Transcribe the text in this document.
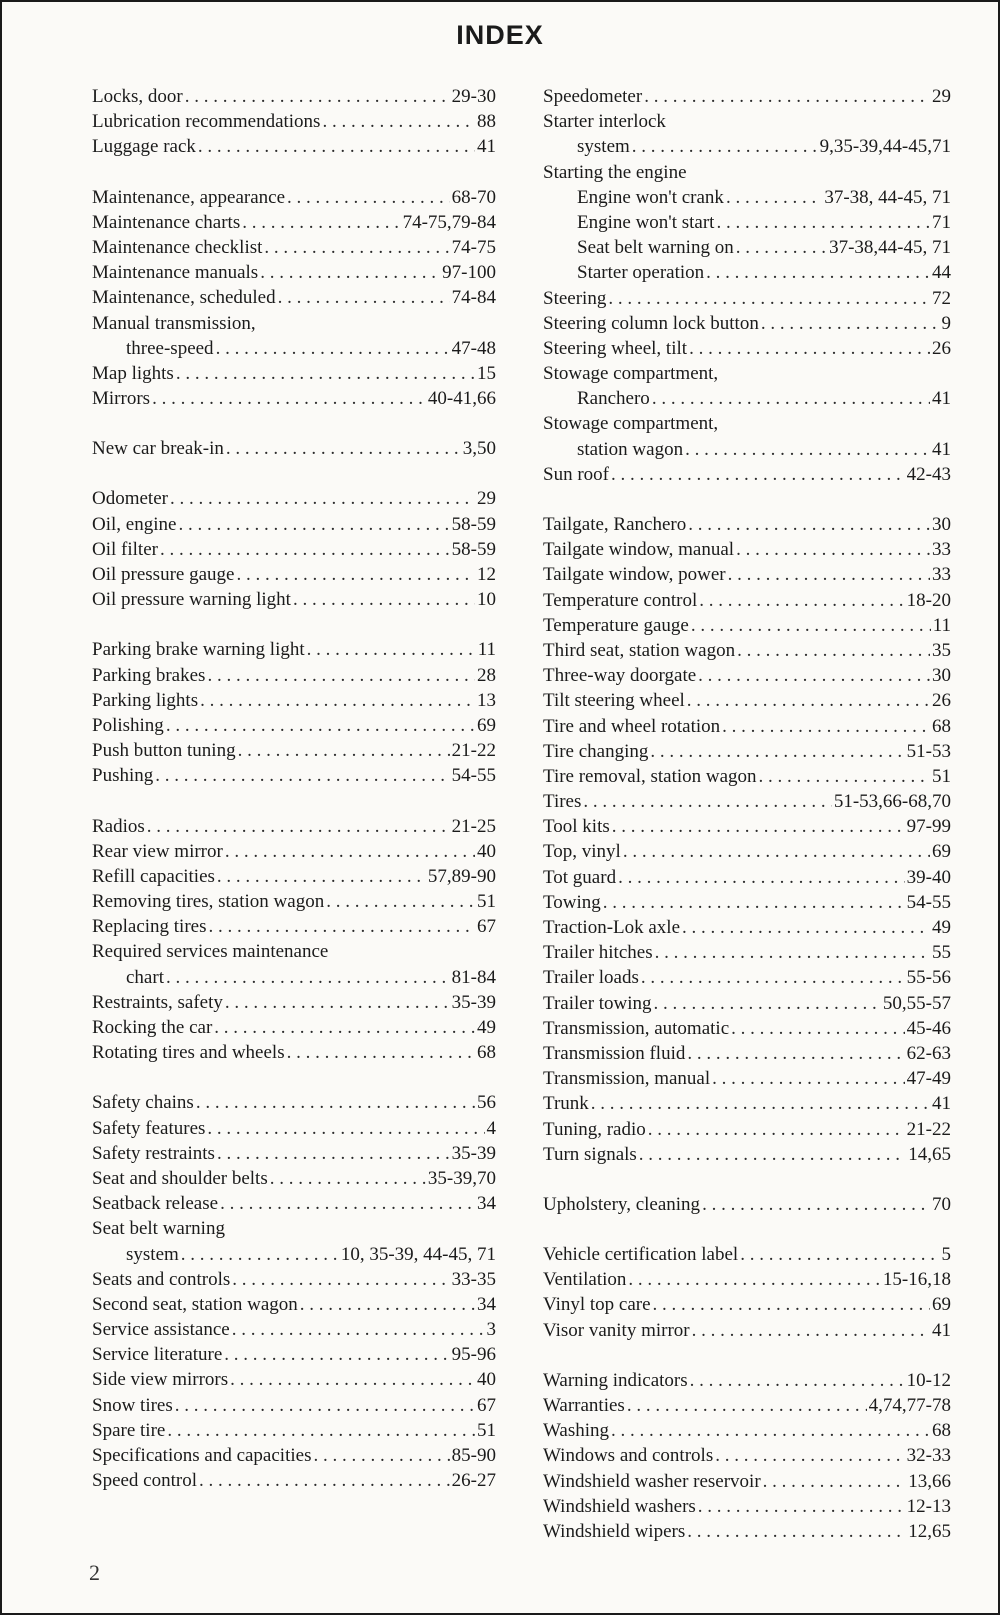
INDEX
Locks, door . . .	29-30
Lubrication recommendations . . .	88
Luggage rack . . .	41
Maintenance, appearance . . .	68-70
Maintenance charts . . .	74-75,79-84
Maintenance checklist . . .	74-75
Maintenance manuals . . .	97-100
Maintenance, scheduled . . .	74-84
Manual transmission,
three-speed . . .	47-48
Map lights . . .	15
Mirrors . . .	40-41,66
New car break-in . . .	3,50
Odometer . . .	29
Oil, engine . . .	58-59
Oil filter . . .	58-59
Oil pressure gauge . . .	12
Oil pressure warning light . . .	10
Parking brake warning light . . .	11
Parking brakes . . .	28
Parking lights . . .	13
Polishing . . .	69
Push button tuning . . .	21-22
Pushing . . .	54-55
Radios . . .	21-25
Rear view mirror . . .	40
Refill capacities . . .	57,89-90
Removing tires, station wagon . . .	51
Replacing tires . . .	67
Required services maintenance
chart . . .	81-84
Restraints, safety . . .	35-39
Rocking the car . . .	49
Rotating tires and wheels . . .	68
Safety chains . . .	56
Safety features . . .	4
Safety restraints . . .	35-39
Seat and shoulder belts . . .	35-39,70
Seatback release . . .	34
Seat belt warning
system . . .	10, 35-39, 44-45, 71
Seats and controls . . .	33-35
Second seat, station wagon . . .	34
Service assistance . . .	3
Service literature . . .	95-96
Side view mirrors . . .	40
Snow tires . . .	67
Spare tire . . .	51
Specifications and capacities . . .	85-90
Speed control . . .	26-27
Speedometer . . .	29
Starter interlock
system . . .	9,35-39,44-45,71
Starting the engine
Engine won't crank . . .	37-38, 44-45, 71
Engine won't start . . .	71
Seat belt warning on . . .	37-38,44-45, 71
Starter operation . . .	44
Steering . . .	72
Steering column lock button . . .	9
Steering wheel, tilt . . .	26
Stowage compartment,
Ranchero . . .	41
Stowage compartment,
station wagon . . .	41
Sun roof . . .	42-43
Tailgate, Ranchero . . .	30
Tailgate window, manual . . .	33
Tailgate window, power . . .	33
Temperature control . . .	18-20
Temperature gauge . . .	11
Third seat, station wagon . . .	35
Three-way doorgate . . .	30
Tilt steering wheel . . .	26
Tire and wheel rotation . . .	68
Tire changing . . .	51-53
Tire removal, station wagon . . .	51
Tires . . .	51-53,66-68,70
Tool kits . . .	97-99
Top, vinyl . . .	69
Tot guard . . .	39-40
Towing . . .	54-55
Traction-Lok axle . . .	49
Trailer hitches . . .	55
Trailer loads . . .	55-56
Trailer towing . . .	50,55-57
Transmission, automatic . . .	45-46
Transmission fluid . . .	62-63
Transmission, manual . . .	47-49
Trunk . . .	41
Tuning, radio . . .	21-22
Turn signals . . .	14,65
Upholstery, cleaning . . .	70
Vehicle certification label . . .	5
Ventilation . . .	15-16,18
Vinyl top care . . .	69
Visor vanity mirror . . .	41
Warning indicators . . .	10-12
Warranties . . .	4,74,77-78
Washing . . .	68
Windows and controls . . .	32-33
Windshield washer reservoir . . .	13,66
Windshield washers . . .	12-13
Windshield wipers . . .	12,65
2
